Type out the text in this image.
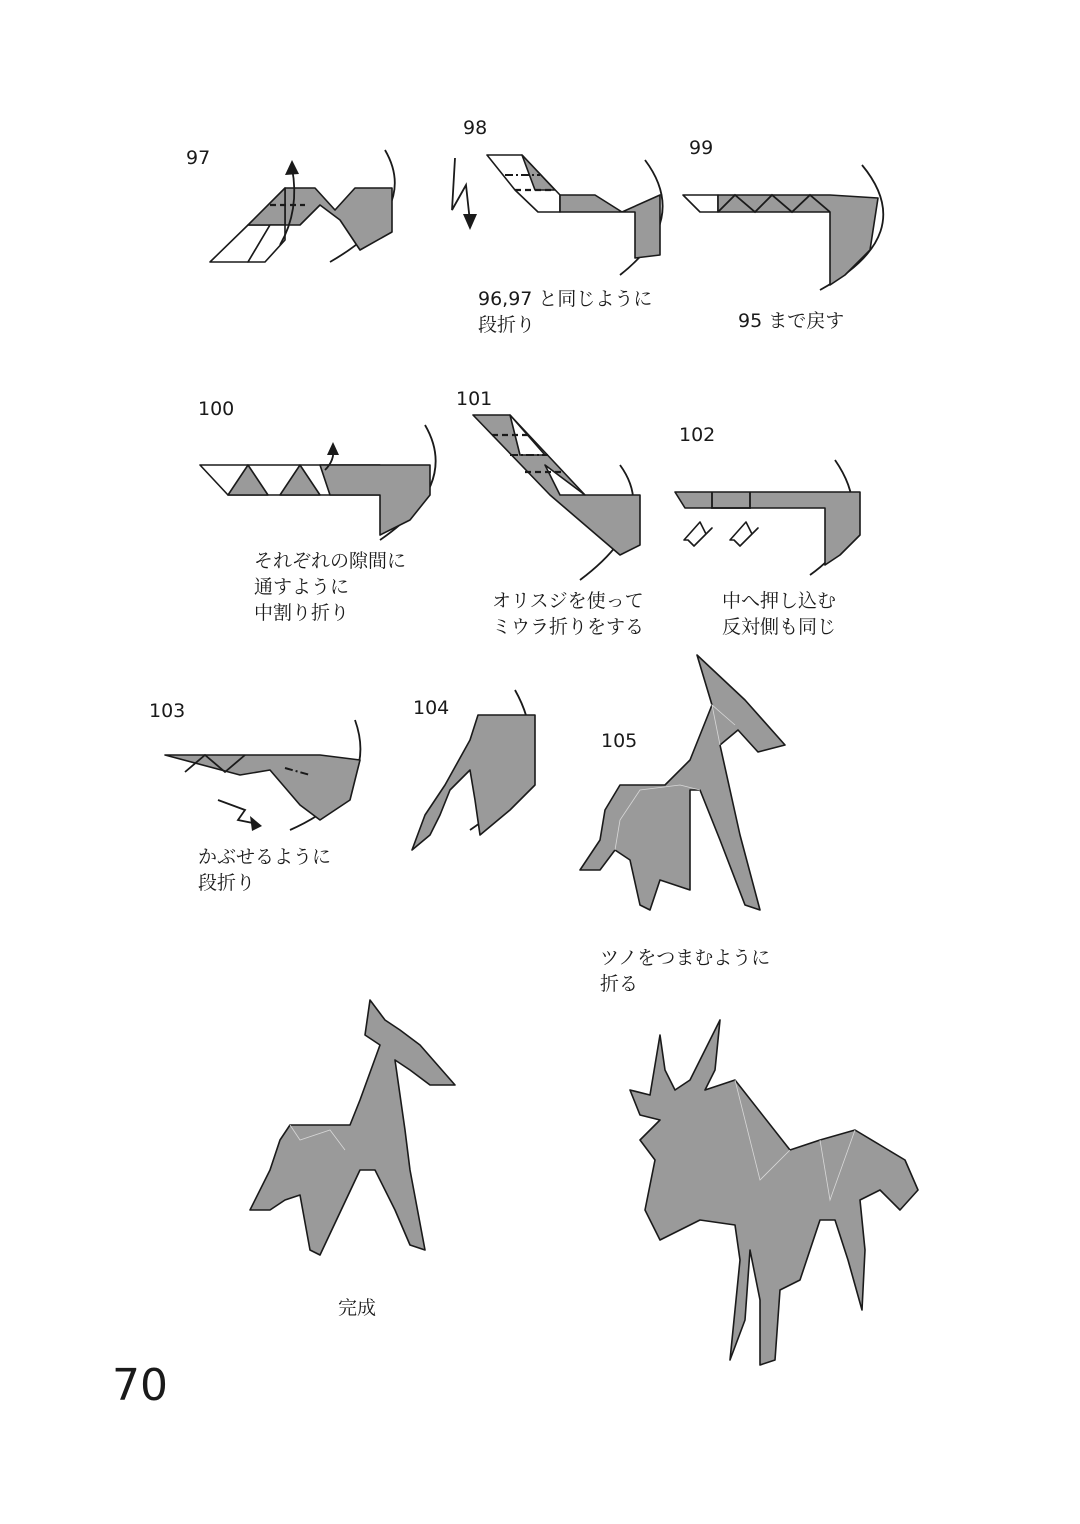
97
98
99
100	101
102
103	104
105
96,97 と同じように
段折り	95 まで戻す
それぞれの隙間に
通すように
中割り折り
オリスジを使って
ミウラ折りをする
中へ押し込む
反対側も同じ
かぶせるように
段折り
ツノをつまむように
折る
完成
70
